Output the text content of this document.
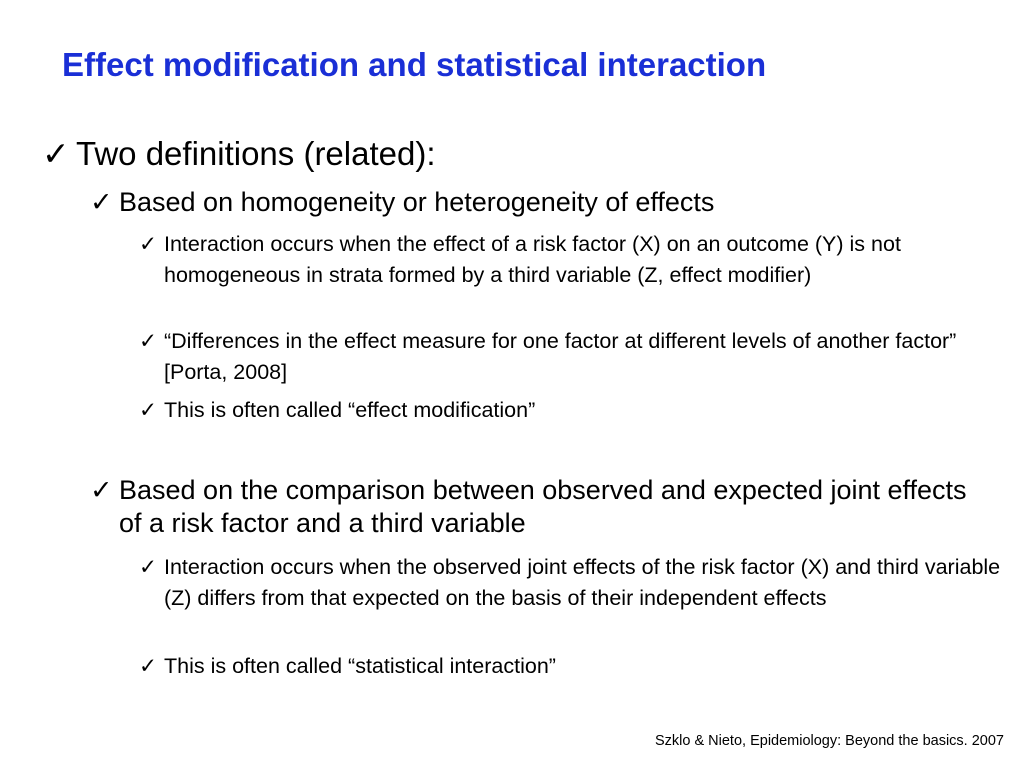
Effect modification and statistical interaction
✓ Two definitions (related):
✓ Based on homogeneity or heterogeneity of effects
✓ Interaction occurs when the effect of a risk factor (X) on an outcome (Y) is not homogeneous in strata formed by a third variable (Z, effect modifier)
✓ “Differences in the effect measure for one factor at different levels of another factor” [Porta, 2008]
✓ This is often called “effect modification”
✓ Based on the comparison between observed and expected joint effects of a risk factor and a third variable
✓ Interaction occurs when the observed joint effects of the risk factor (X) and third variable (Z) differs from that expected on the basis of their independent effects
✓ This is often called “statistical interaction”
Szklo & Nieto, Epidemiology: Beyond the basics. 2007
